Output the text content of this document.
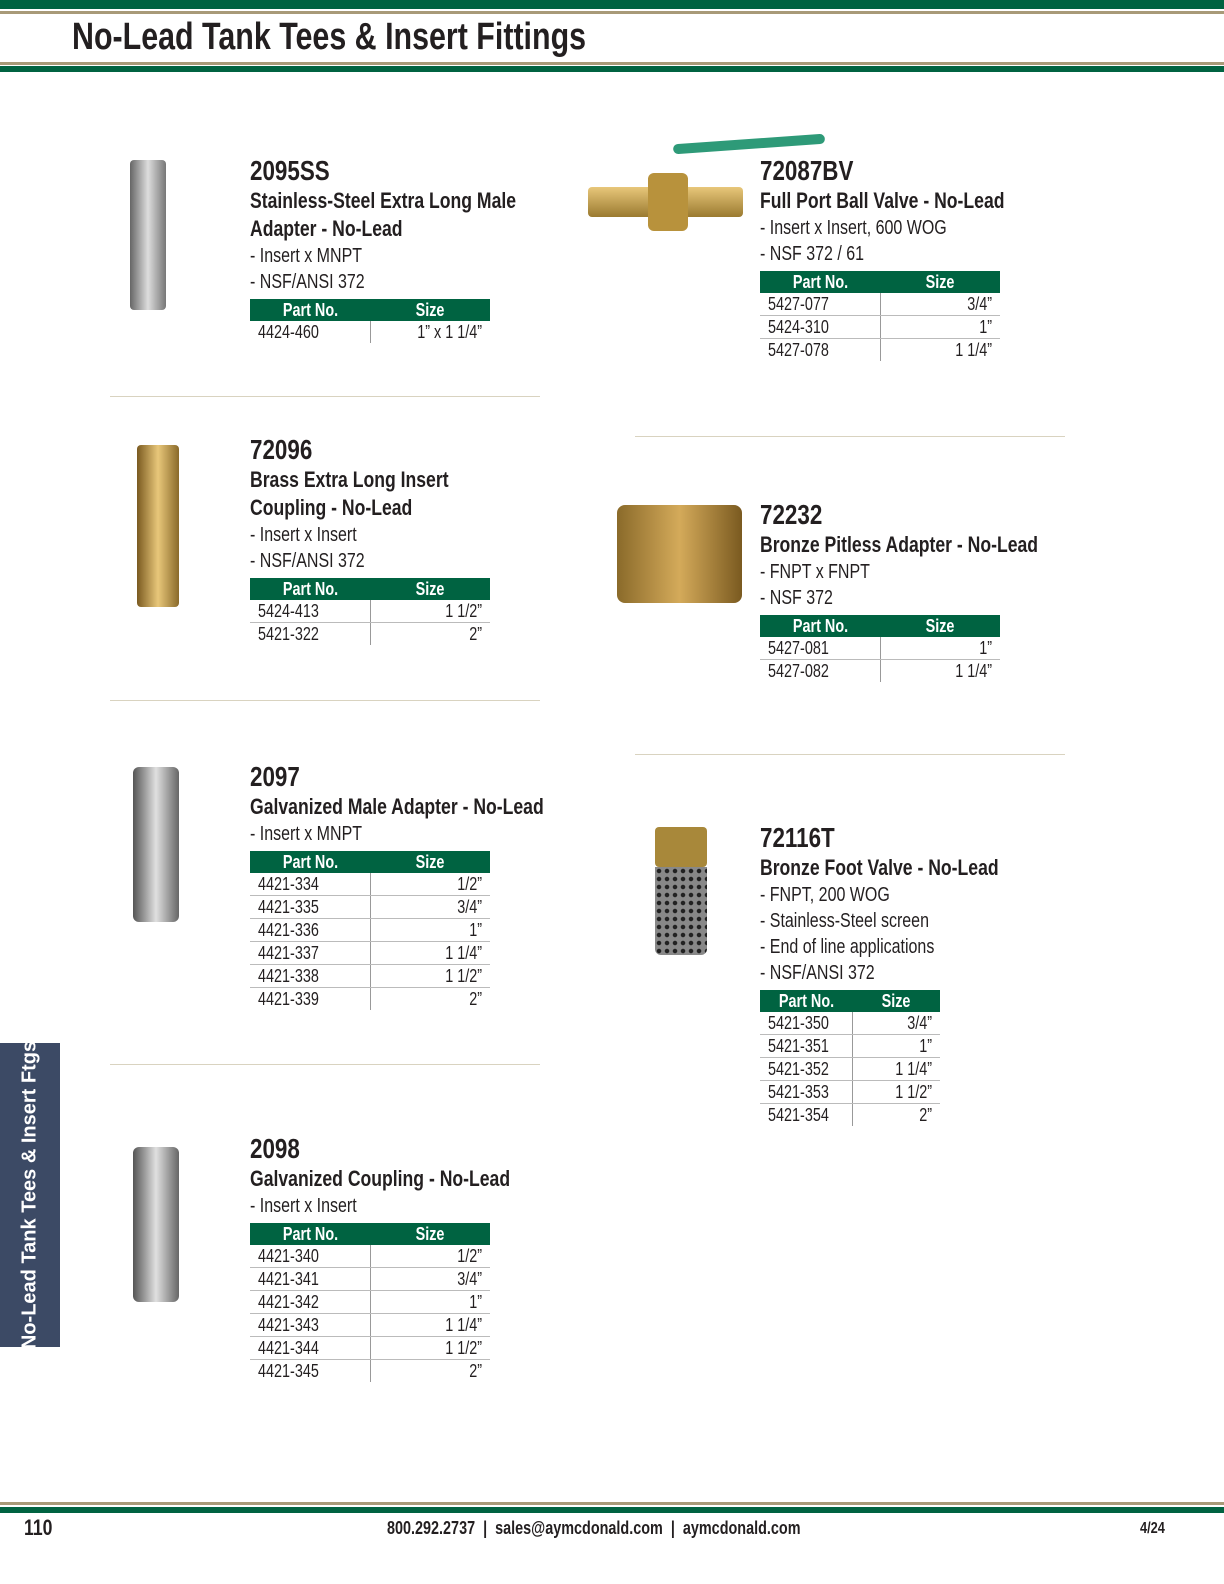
No-Lead Tank Tees & Insert Fittings
2095SS
Stainless-Steel Extra Long Male Adapter - No-Lead
- Insert x MNPT
- NSF/ANSI 372
Part No.	Size
4424-460	1” x 1 1/4”
72096
Brass Extra Long Insert Coupling - No-Lead
- Insert x Insert
- NSF/ANSI 372
Part No.	Size
5424-413	1 1/2”
5421-322	2”
2097
Galvanized Male Adapter - No-Lead
- Insert x MNPT
Part No.	Size
4421-334	1/2”
4421-335	3/4”
4421-336	1”
4421-337	1 1/4”
4421-338	1 1/2”
4421-339	2”
2098
Galvanized Coupling - No-Lead
- Insert x Insert
Part No.	Size
4421-340	1/2”
4421-341	3/4”
4421-342	1”
4421-343	1 1/4”
4421-344	1 1/2”
4421-345	2”
72087BV
Full Port Ball Valve - No-Lead
- Insert x Insert, 600 WOG
- NSF 372 / 61
Part No.	Size
5427-077	3/4”
5424-310	1”
5427-078	1 1/4”
72232
Bronze Pitless Adapter - No-Lead
- FNPT x FNPT
- NSF 372
Part No.	Size
5427-081	1”
5427-082	1 1/4”
72116T
Bronze Foot Valve - No-Lead
- FNPT, 200 WOG
- Stainless-Steel screen
- End of line applications
- NSF/ANSI 372
Part No.	Size
5421-350	3/4”
5421-351	1”
5421-352	1 1/4”
5421-353	1 1/2”
5421-354	2”
No-Lead Tank Tees & Insert Ftgs
110	800.292.2737  |  sales@aymcdonald.com  |  aymcdonald.com	4/24
